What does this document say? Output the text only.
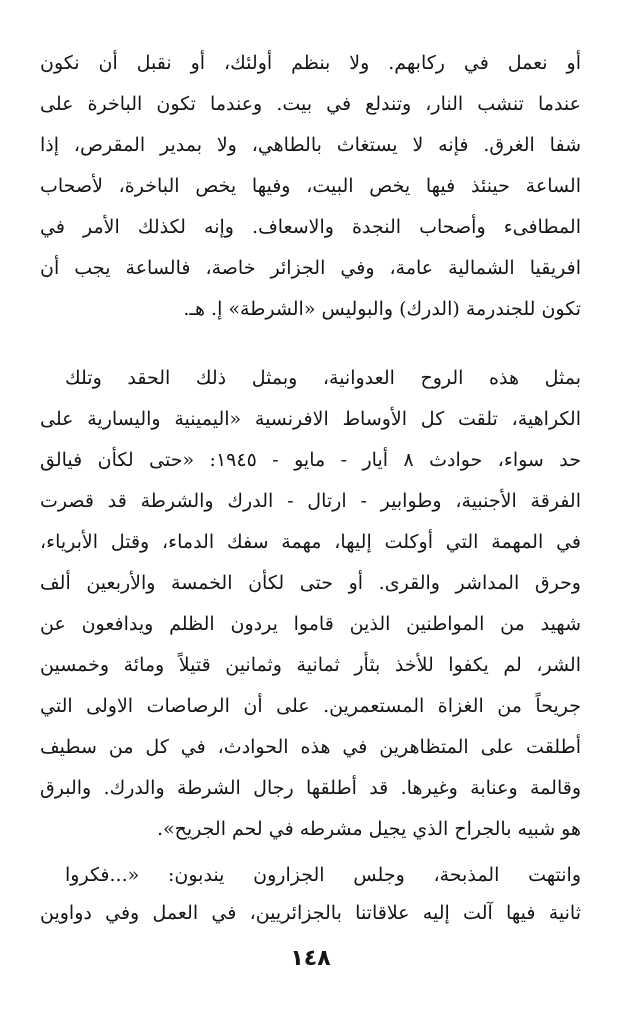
أو نعمل في ركابهم. ولا بنظم أولئك، أو نقبل أن نكون
عندما تنشب النار، وتندلع في بيت. وعندما تكون الباخرة على
شفا الغرق. فإنه لا يستغاث بالطاهي، ولا بمدير المقرص، إذا
الساعة حينئذ فيها يخص البيت، وفيها يخص الباخرة، لأصحاب
المطافىء وأصحاب النجدة والاسعاف. وإنه لكذلك الأمر في
افريقيا الشمالية عامة، وفي الجزائر خاصة، فالساعة يجب أن
تكون للجندرمة (الدرك) والبوليس «الشرطة» إ. هـ.
بمثل هذه الروح العدوانية، وبمثل ذلك الحقد وتلك
الكراهية، تلقت كل الأوساط الافرنسية «اليمينية واليسارية على
حد سواء، حوادث ٨ أيار - مايو - ١٩٤٥: «حتى لكأن فيالق
الفرقة الأجنبية، وطوابير - ارتال - الدرك والشرطة قد قصرت
في المهمة التي أوكلت إليها، مهمة سفك الدماء، وقتل الأبرياء،
وحرق المداشر والقرى. أو حتى لكأن الخمسة والأربعين ألف
شهيد من المواطنين الذين قاموا يردون الظلم ويدافعون عن
الشر، لم يكفوا للأخذ بثأر ثمانية وثمانين قتيلاً ومائة وخمسين
جريحاً من الغزاة المستعمرين. على أن الرصاصات الاولى التي
أطلقت على المتظاهرين في هذه الحوادث، في كل من سطيف
وقالمة وعنابة وغيرها. قد أطلقها رجال الشرطة والدرك. والبرق
هو شبيه بالجراح الذي يجيل مشرطه في لحم الجريح».
وانتهت المذبحة، وجلس الجزارون يندبون: «...فكروا
ثانية فيها آلت إليه علاقاتنا بالجزائريين، في العمل وفي دواوين
١٤٨
